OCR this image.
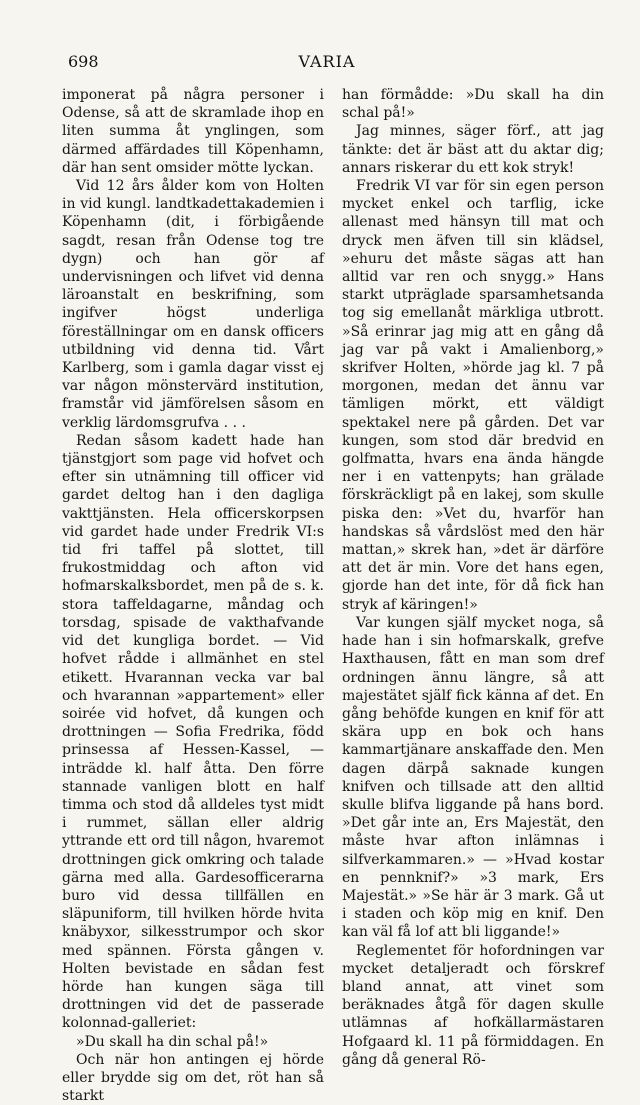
698	VARIA

imponerat på några personer i Odense, så att de skramlade ihop en liten summa åt ynglingen, som därmed affärdades till Köpenhamn, där han sent omsider mötte lyckan.

Vid 12 års ålder kom von Holten in vid kungl. landtkadettakademien i Köpenhamn (dit, i förbigående sagdt, resan från Odense tog tre dygn) och han gör af undervisningen och lifvet vid denna läroanstalt en beskrifning, som ingifver högst underliga föreställningar om en dansk officers utbildning vid denna tid. Vårt Karlberg, som i gamla dagar visst ej var någon mönstervärd institution, framstår vid jämförelsen såsom en verklig lärdomsgrufva . . .

Redan såsom kadett hade han tjänstgjort som page vid hofvet och efter sin utnämning till officer vid gardet deltog han i den dagliga vakttjänsten. Hela officerskorpsen vid gardet hade under Fredrik VI:s tid fri taffel på slottet, till frukostmiddag och afton vid hofmarskalksbordet, men på de s. k. stora taffeldagarne, måndag och torsdag, spisade de vakthafvande vid det kungliga bordet. — Vid hofvet rådde i allmänhet en stel etikett. Hvarannan vecka var bal och hvarannan »appartement» eller soirée vid hofvet, då kungen och drottningen — Sofia Fredrika, född prinsessa af Hessen-Kassel, — inträdde kl. half åtta. Den förre stannade vanligen blott en half timma och stod då alldeles tyst midt i rummet, sällan eller aldrig yttrande ett ord till någon, hvaremot drottningen gick omkring och talade gärna med alla. Gardesofficerarna buro vid dessa tillfällen en släpuniform, till hvilken hörde hvita knäbyxor, silkesstrumpor och skor med spännen. Första gången v. Holten bevistade en sådan fest hörde han kungen säga till drottningen vid det de passerade kolonnad-galleriet:

»Du skall ha din schal på!»

Och när hon antingen ej hörde eller brydde sig om det, röt han så starkt

han förmådde: »Du skall ha din schal på!»

Jag minnes, säger förf., att jag tänkte: det är bäst att du aktar dig; annars riskerar du ett kok stryk!

Fredrik VI var för sin egen person mycket enkel och tarflig, icke allenast med hänsyn till mat och dryck men äfven till sin klädsel, »ehuru det måste sägas att han alltid var ren och snygg.» Hans starkt utpräglade sparsamhetsanda tog sig emellanåt märkliga utbrott. »Så erinrar jag mig att en gång då jag var på vakt i Amalienborg,» skrifver Holten, »hörde jag kl. 7 på morgonen, medan det ännu var tämligen mörkt, ett väldigt spektakel nere på gården. Det var kungen, som stod där bredvid en golfmatta, hvars ena ända hängde ner i en vattenpyts; han grälade förskräckligt på en lakej, som skulle piska den: »Vet du, hvarför han handskas så vårdslöst med den här mattan,» skrek han, »det är därföre att det är min. Vore det hans egen, gjorde han det inte, för då fick han stryk af käringen!»

Var kungen själf mycket noga, så hade han i sin hofmarskalk, grefve Haxthausen, fått en man som dref ordningen ännu längre, så att majestätet själf fick känna af det. En gång behöfde kungen en knif för att skära upp en bok och hans kammartjänare anskaffade den. Men dagen därpå saknade kungen knifven och tillsade att den alltid skulle blifva liggande på hans bord. »Det går inte an, Ers Majestät, den måste hvar afton inlämnas i silfverkammaren.» — »Hvad kostar en pennknif?» »3 mark, Ers Majestät.» »Se här är 3 mark. Gå ut i staden och köp mig en knif. Den kan väl få lof att bli liggande!»

Reglementet för hofordningen var mycket detaljeradt och förskref bland annat, att vinet som beräknades åtgå för dagen skulle utlämnas af hofkällarmästaren Hofgaard kl. 11 på förmiddagen. En gång då general Rö-
